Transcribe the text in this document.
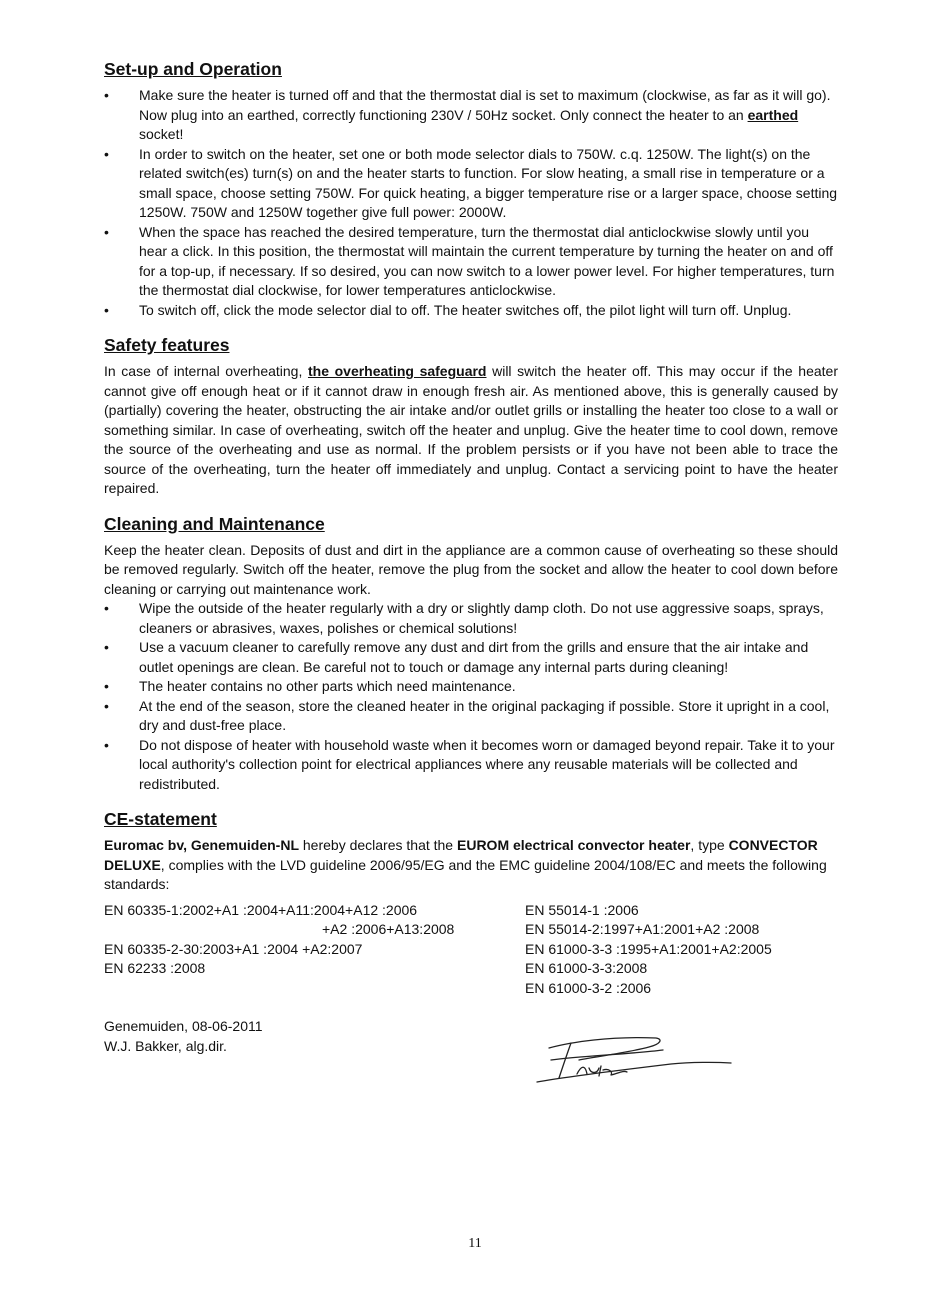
Set-up and Operation
•	Make sure the heater is turned off and that the thermostat dial is set to maximum (clockwise, as far as it will go). Now plug into an earthed, correctly functioning 230V / 50Hz socket. Only connect the heater to an earthed socket!
•	In order to switch on the heater, set one or both mode selector dials to 750W. c.q. 1250W. The light(s) on the related switch(es) turn(s) on and the heater starts to function. For slow heating, a small rise in temperature or a small space, choose setting 750W. For quick heating, a bigger temperature rise or a larger space, choose setting 1250W. 750W and 1250W together give full power: 2000W.
•	When the space has reached the desired temperature, turn the thermostat dial anticlockwise slowly until you hear a click. In this position, the thermostat will maintain the current temperature by turning the heater on and off for a top-up, if necessary. If so desired, you can now switch to a lower power level. For higher temperatures, turn the thermostat dial clockwise, for lower temperatures anticlockwise.
•	To switch off, click the mode selector dial to off. The heater switches off, the pilot light will turn off. Unplug.
Safety features

In case of internal overheating, the overheating safeguard will switch the heater off. This may occur if the heater cannot give off enough heat or if it cannot draw in enough fresh air. As mentioned above, this is generally caused by (partially) covering the heater, obstructing the air intake and/or outlet grills or installing the heater too close to a wall or something similar. In case of overheating, switch off the heater and unplug. Give the heater time to cool down, remove the source of the overheating and use as normal. If the problem persists or if you have not been able to trace the source of the overheating, turn the heater off immediately and unplug. Contact a servicing point to have the heater repaired.

Cleaning and Maintenance

Keep the heater clean. Deposits of dust and dirt in the appliance are a common cause of overheating so these should be removed regularly. Switch off the heater, remove the plug from the socket and allow the heater to cool down before cleaning or carrying out maintenance work.

•	Wipe the outside of the heater regularly with a dry or slightly damp cloth. Do not use aggressive soaps, sprays, cleaners or abrasives, waxes, polishes or chemical solutions!
•	Use a vacuum cleaner to carefully remove any dust and dirt from the grills and ensure that the air intake and outlet openings are clean. Be careful not to touch or damage any internal parts during cleaning!
•	The heater contains no other parts which need maintenance.
•	At the end of the season, store the cleaned heater in the original packaging if possible. Store it upright in a cool, dry and dust-free place.
•	Do not dispose of heater with household waste when it becomes worn or damaged beyond repair. Take it to your local authority's collection point for electrical appliances where any reusable materials will be collected and redistributed.
CE-statement

Euromac bv, Genemuiden-NL hereby declares that the EUROM electrical convector heater, type CONVECTOR DELUXE, complies with the LVD guideline 2006/95/EG and the EMC guideline 2004/108/EC and meets the following standards:

EN 60335-1:2002+A1 :2004+A11:2004+A12 :2006
+A2 :2006+A13:2008
EN 60335-2-30:2003+A1 :2004 +A2:2007
EN 62233 :2008
EN 55014-1 :2006
EN 55014-2:1997+A1:2001+A2 :2008
EN 61000-3-3 :1995+A1:2001+A2:2005
EN 61000-3-3:2008
EN 61000-3-2 :2006
Genemuiden, 08-06-2011
W.J. Bakker, alg.dir.
11
